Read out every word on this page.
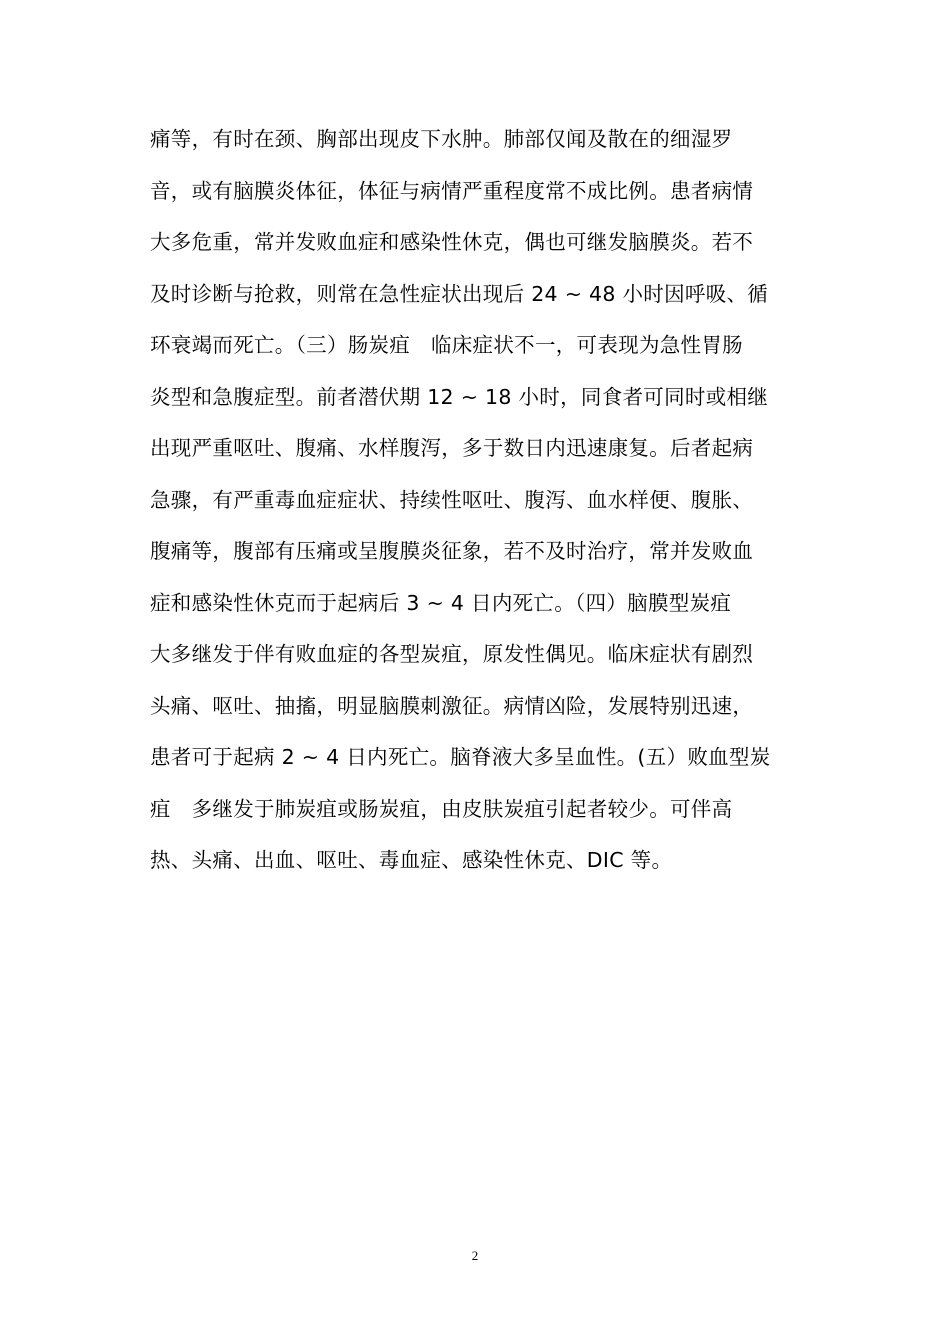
痛等，有时在颈、胸部出现皮下水肿。肺部仅闻及散在的细湿罗
音，或有脑膜炎体征，体征与病情严重程度常不成比例。患者病情
大多危重，常并发败血症和感染性休克，偶也可继发脑膜炎。若不
及时诊断与抢救，则常在急性症状出现后 24 ~ 48 小时因呼吸、循
环衰竭而死亡。（三）肠炭疽　临床症状不一，可表现为急性胃肠
炎型和急腹症型。前者潜伏期 12 ~ 18 小时，同食者可同时或相继
出现严重呕吐、腹痛、水样腹泻，多于数日内迅速康复。后者起病
急骤，有严重毒血症症状、持续性呕吐、腹泻、血水样便、腹胀、
腹痛等，腹部有压痛或呈腹膜炎征象，若不及时治疗，常并发败血
症和感染性休克而于起病后 3 ~ 4 日内死亡。（四）脑膜型炭疽
大多继发于伴有败血症的各型炭疽，原发性偶见。临床症状有剧烈
头痛、呕吐、抽搐，明显脑膜刺激征。病情凶险，发展特别迅速，
患者可于起病 2 ~ 4 日内死亡。脑脊液大多呈血性。(五）败血型炭
疽　多继发于肺炭疽或肠炭疽，由皮肤炭疽引起者较少。可伴高
热、头痛、出血、呕吐、毒血症、感染性休克、DIC 等。
2
